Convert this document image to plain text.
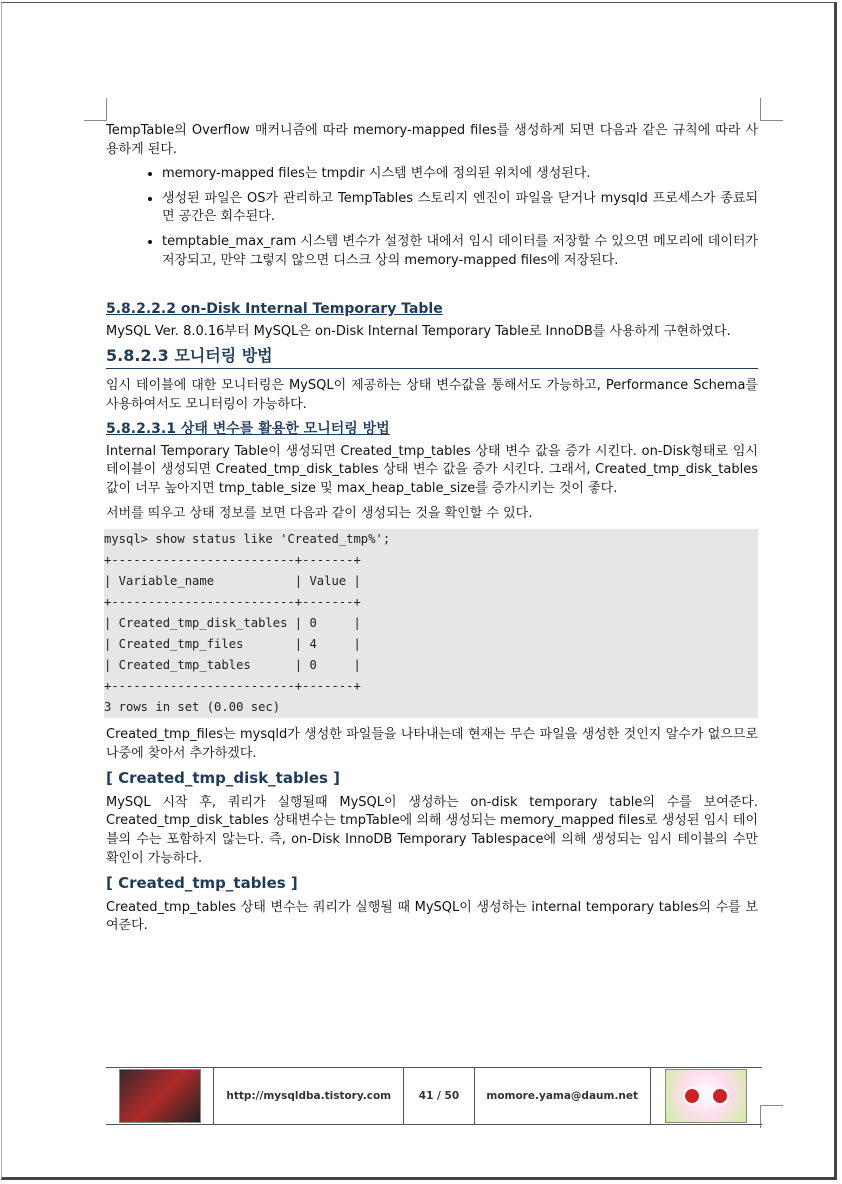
TempTable의 Overflow 매커니즘에 따라 memory-mapped files를 생성하게 되면 다음과 같은 규칙에 따라 사용하게 된다.

• memory-mapped files는 tmpdir 시스템 변수에 정의된 위치에 생성된다.
• 생성된 파일은 OS가 관리하고 TempTables 스토리지 엔진이 파일을 닫거나 mysqld 프로세스가 종료되면 공간은 회수된다.
• temptable_max_ram 시스템 변수가 설정한 내에서 임시 데이터를 저장할 수 있으면 메모리에 데이터가 저장되고, 만약 그렇지 않으면 디스크 상의 memory-mapped files에 저장된다.
5.8.2.2.2 on-Disk Internal Temporary Table

MySQL Ver. 8.0.16부터 MySQL은 on-Disk Internal Temporary Table로 InnoDB를 사용하게 구현하였다.

5.8.2.3 모니터링 방법

임시 테이블에 대한 모니터링은 MySQL이 제공하는 상태 변수값을 통해서도 가능하고, Performance Schema를 사용하여서도 모니터링이 가능하다.

5.8.2.3.1 상태 변수를 활용한 모니터링 방법

Internal Temporary Table이 생성되면 Created_tmp_tables 상태 변수 값을 증가 시킨다. on-Disk형태로 임시 테이블이 생성되면 Created_tmp_disk_tables 상태 변수 값을 증가 시킨다. 그래서, Created_tmp_disk_tables 값이 너무 높아지면 tmp_table_size 및 max_heap_table_size를 증가시키는 것이 좋다.

서버를 띄우고 상태 정보를 보면 다음과 같이 생성되는 것을 확인할 수 있다.

mysql> show status like 'Created_tmp%';
+-------------------------+-------+
| Variable_name           | Value |
+-------------------------+-------+
| Created_tmp_disk_tables | 0     |
| Created_tmp_files       | 4     |
| Created_tmp_tables      | 0     |
+-------------------------+-------+
3 rows in set (0.00 sec)

Created_tmp_files는 mysqld가 생성한 파일들을 나타내는데 현재는 무슨 파일을 생성한 것인지 알수가 없으므로 나중에 찾아서 추가하겠다.

[ Created_tmp_disk_tables ]

MySQL 시작 후, 쿼리가 실행될때 MySQL이 생성하는 on-disk temporary table의 수를 보여준다. Created_tmp_disk_tables 상태변수는 tmpTable에 의해 생성되는 memory_mapped files로 생성된 임시 테이블의 수는 포함하지 않는다. 즉, on-Disk InnoDB Temporary Tablespace에 의해 생성되는 임시 테이블의 수만 확인이 가능하다.

[ Created_tmp_tables ]

Created_tmp_tables 상태 변수는 쿼리가 실행될 때 MySQL이 생성하는 internal temporary tables의 수를 보여준다.

http://mysqldba.tistory.com	41 / 50	momore.yama@daum.net
